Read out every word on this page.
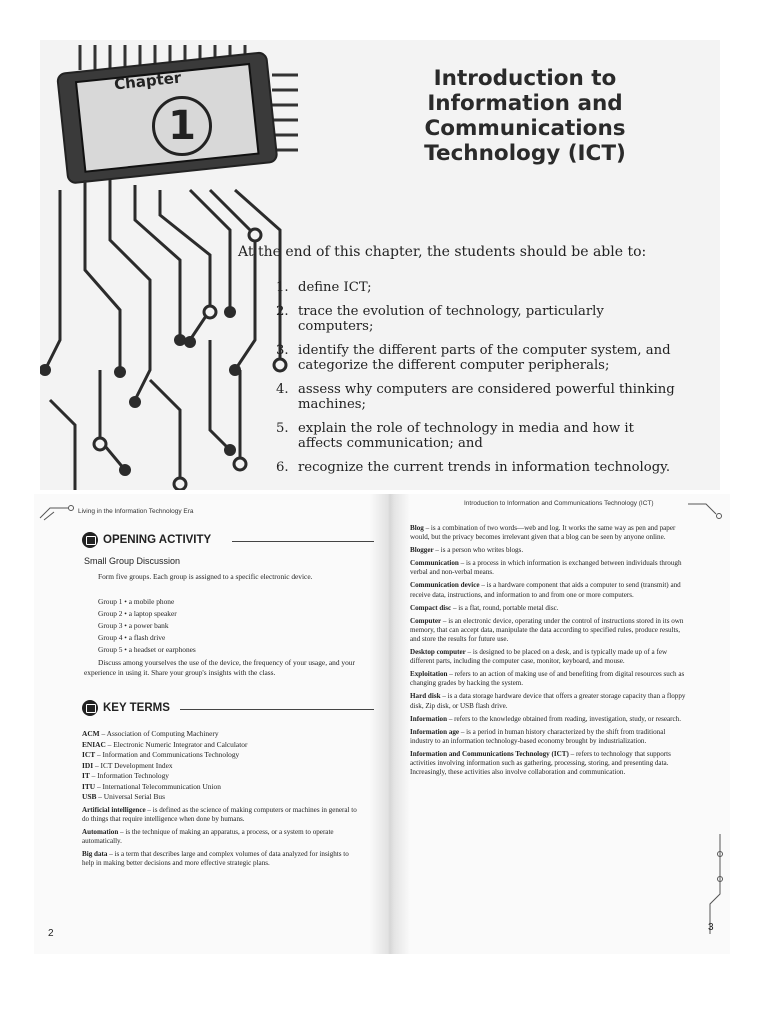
Chapter
1
Introduction to
Information and
Communications
Technology (ICT)
At the end of this chapter, the students should be able to:
1. define ICT;
2. trace the evolution of technology, particularly computers;
3. identify the different parts of the computer system, and categorize the different computer peripherals;
4. assess why computers are considered powerful thinking machines;
5. explain the role of technology in media and how it affects communication; and
6. recognize the current trends in information technology.
Living in the Information Technology Era
OPENING ACTIVITY
Small Group Discussion
Form five groups. Each group is assigned to a specific electronic device.
Group 1 • a mobile phone
Group 2 • a laptop speaker
Group 3 • a power bank
Group 4 • a flash drive
Group 5 • a headset or earphones
Discuss among yourselves the use of the device, the frequency of your usage, and your experience in using it. Share your group's insights with the class.
KEY TERMS
ACM – Association of Computing Machinery
ENIAC – Electronic Numeric Integrator and Calculator
ICT – Information and Communications Technology
IDI – ICT Development Index
IT – Information Technology
ITU – International Telecommunication Union
USB – Universal Serial Bus
Artificial intelligence – is defined as the science of making computers or machines in general to do things that require intelligence when done by humans.
Automation – is the technique of making an apparatus, a process, or a system to operate automatically.
Big data – is a term that describes large and complex volumes of data analyzed for insights to help in making better decisions and more effective strategic plans.
2
Introduction to Information and Communications Technology (ICT)
Blog – is a combination of two words—web and log. It works the same way as pen and paper would, but the privacy becomes irrelevant given that a blog can be seen by anyone online.
Blogger – is a person who writes blogs.
Communication – is a process in which information is exchanged between individuals through verbal and non-verbal means.
Communication device – is a hardware component that aids a computer to send (transmit) and receive data, instructions, and information to and from one or more computers.
Compact disc – is a flat, round, portable metal disc.
Computer – is an electronic device, operating under the control of instructions stored in its own memory, that can accept data, manipulate the data according to specified rules, produce results, and store the results for future use.
Desktop computer – is designed to be placed on a desk, and is typically made up of a few different parts, including the computer case, monitor, keyboard, and mouse.
Exploitation – refers to an action of making use of and benefiting from digital resources such as changing grades by hacking the system.
Hard disk – is a data storage hardware device that offers a greater storage capacity than a floppy disk, Zip disk, or USB flash drive.
Information – refers to the knowledge obtained from reading, investigation, study, or research.
Information age – is a period in human history characterized by the shift from traditional industry to an information technology-based economy brought by industrialization.
Information and Communications Technology (ICT) – refers to technology that supports activities involving information such as gathering, processing, storing, and presenting data. Increasingly, these activities also involve collaboration and communication.
3
